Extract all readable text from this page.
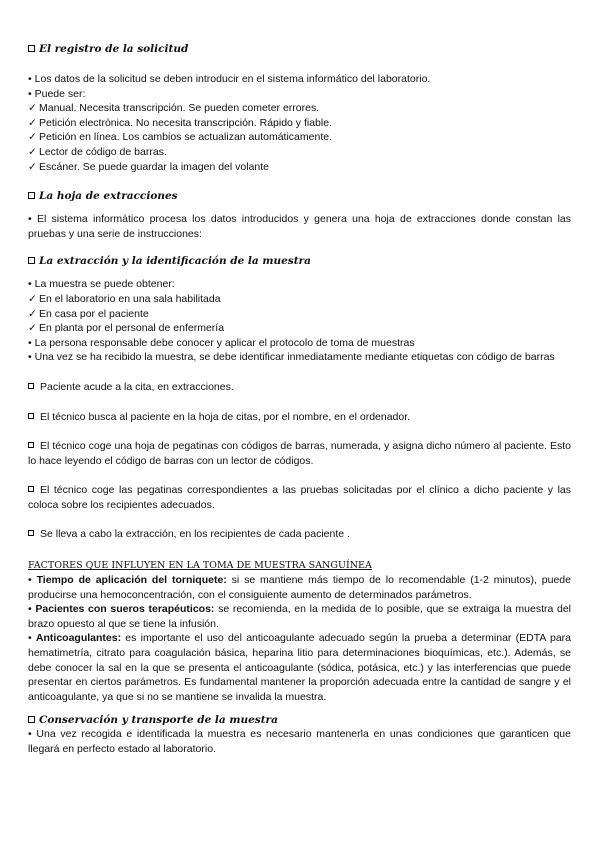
El registro de la solicitud

• Los datos de la solicitud se deben introducir en el sistema informático del laboratorio.

• Puede ser:

✓ Manual. Necesita transcripción. Se pueden cometer errores.

✓ Petición electrónica. No necesita transcripción. Rápido y fiable.

✓ Petición en línea. Los cambios se actualizan automáticamente.

✓ Lector de código de barras.

✓ Escáner. Se puede guardar la imagen del volante

La hoja de extracciones

• El sistema informático procesa los datos introducidos y genera una hoja de extracciones donde constan las pruebas y una serie de instrucciones:

La extracción y la identificación de la muestra

• La muestra se puede obtener:

✓ En el laboratorio en una sala habilitada

✓ En casa por el paciente

✓ En planta por el personal de enfermería

• La persona responsable debe conocer y aplicar el protocolo de toma de muestras

• Una vez se ha recibido la muestra, se debe identificar inmediatamente mediante etiquetas con código de barras

Paciente acude a la cita, en extracciones.

El técnico busca al paciente en la hoja de citas, por el nombre, en el ordenador.

El técnico coge una hoja de pegatinas con códigos de barras, numerada, y asigna dicho número al paciente. Esto lo hace leyendo el código de barras con un lector de códigos.

El técnico coge las pegatinas correspondientes a las pruebas solicitadas por el clínico a dicho paciente y las coloca sobre los recipientes adecuados.

Se lleva a cabo la extracción, en los recipientes de cada paciente .

FACTORES QUE INFLUYEN EN LA TOMA DE MUESTRA SANGUÍNEA

• Tiempo de aplicación del torniquete: si se mantiene más tiempo de lo recomendable (1-2 minutos), puede producirse una hemoconcentración, con el consiguiente aumento de determinados parámetros.

• Pacientes con sueros terapéuticos: se recomienda, en la medida de lo posible, que se extraiga la muestra del brazo opuesto al que se tiene la infusión.

• Anticoagulantes: es importante el uso del anticoagulante adecuado según la prueba a determinar (EDTA para hematimetría, citrato para coagulación básica, heparina litio para determinaciones bioquímicas, etc.). Además, se debe conocer la sal en la que se presenta el anticoagulante (sódica, potásica, etc.) y las interferencias que puede presentar en ciertos parámetros. Es fundamental mantener la proporción adecuada entre la cantidad de sangre y el anticoagulante, ya que si no se mantiene se invalida la muestra.

Conservación y transporte de la muestra

• Una vez recogida e identificada la muestra es necesario mantenerla en unas condiciones que garanticen que llegará en perfecto estado al laboratorio.
